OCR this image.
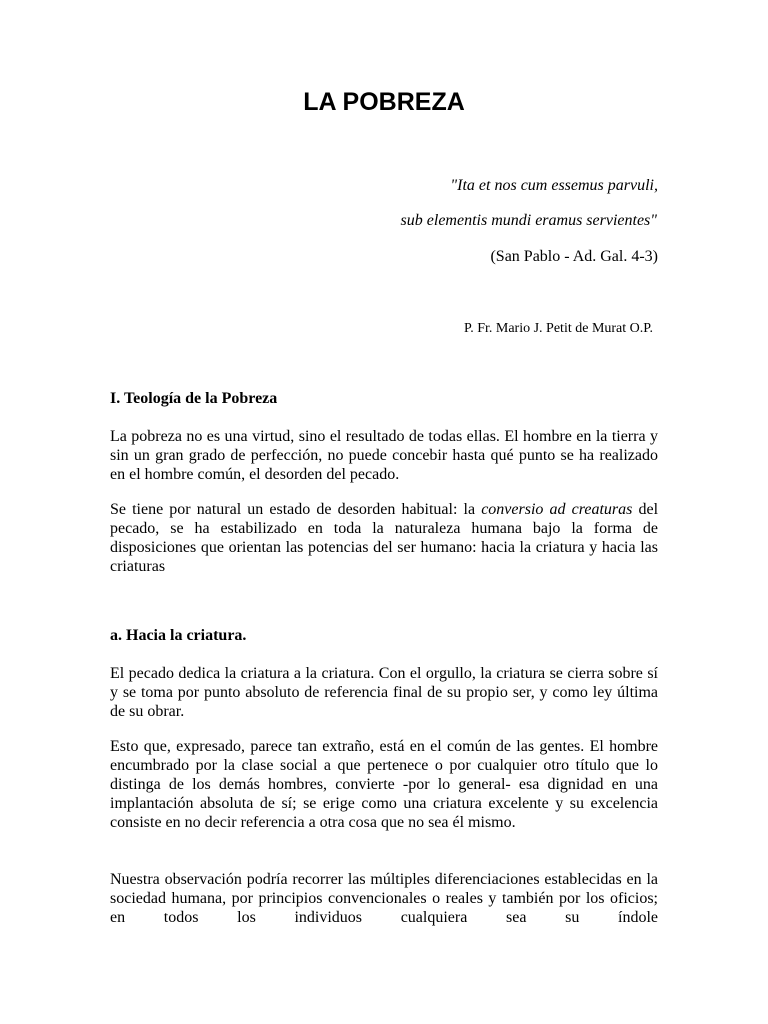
LA POBREZA
"Ita et nos cum essemus parvuli,
sub elementis mundi eramus servientes"
(San Pablo - Ad. Gal. 4-3)
P. Fr. Mario J. Petit de Murat O.P.
I. Teología de la Pobreza

La pobreza no es una virtud, sino el resultado de todas ellas. El hombre en la tierra y sin un gran grado de perfección, no puede concebir hasta qué punto se ha realizado en el hombre común, el desorden del pecado.

Se tiene por natural un estado de desorden habitual: la conversio ad creaturas del pecado, se ha estabilizado en toda la naturaleza humana bajo la forma de disposiciones que orientan las potencias del ser humano: hacia la criatura y hacia las criaturas

a. Hacia la criatura.

El pecado dedica la criatura a la criatura. Con el orgullo, la criatura se cierra sobre sí y se toma por punto absoluto de referencia final de su propio ser, y como ley última de su obrar.

Esto que, expresado, parece tan extraño, está en el común de las gentes. El hombre encumbrado por la clase social a que pertenece o por cualquier otro título que lo distinga de los demás hombres, convierte -por lo general- esa dignidad en una implantación absoluta de sí; se erige como una criatura excelente y su excelencia consiste en no decir referencia a otra cosa que no sea él mismo.

Nuestra observación podría recorrer las múltiples diferenciaciones establecidas en la sociedad humana, por principios convencionales o reales y también por los oficios; en todos los individuos cualquiera sea su índole
